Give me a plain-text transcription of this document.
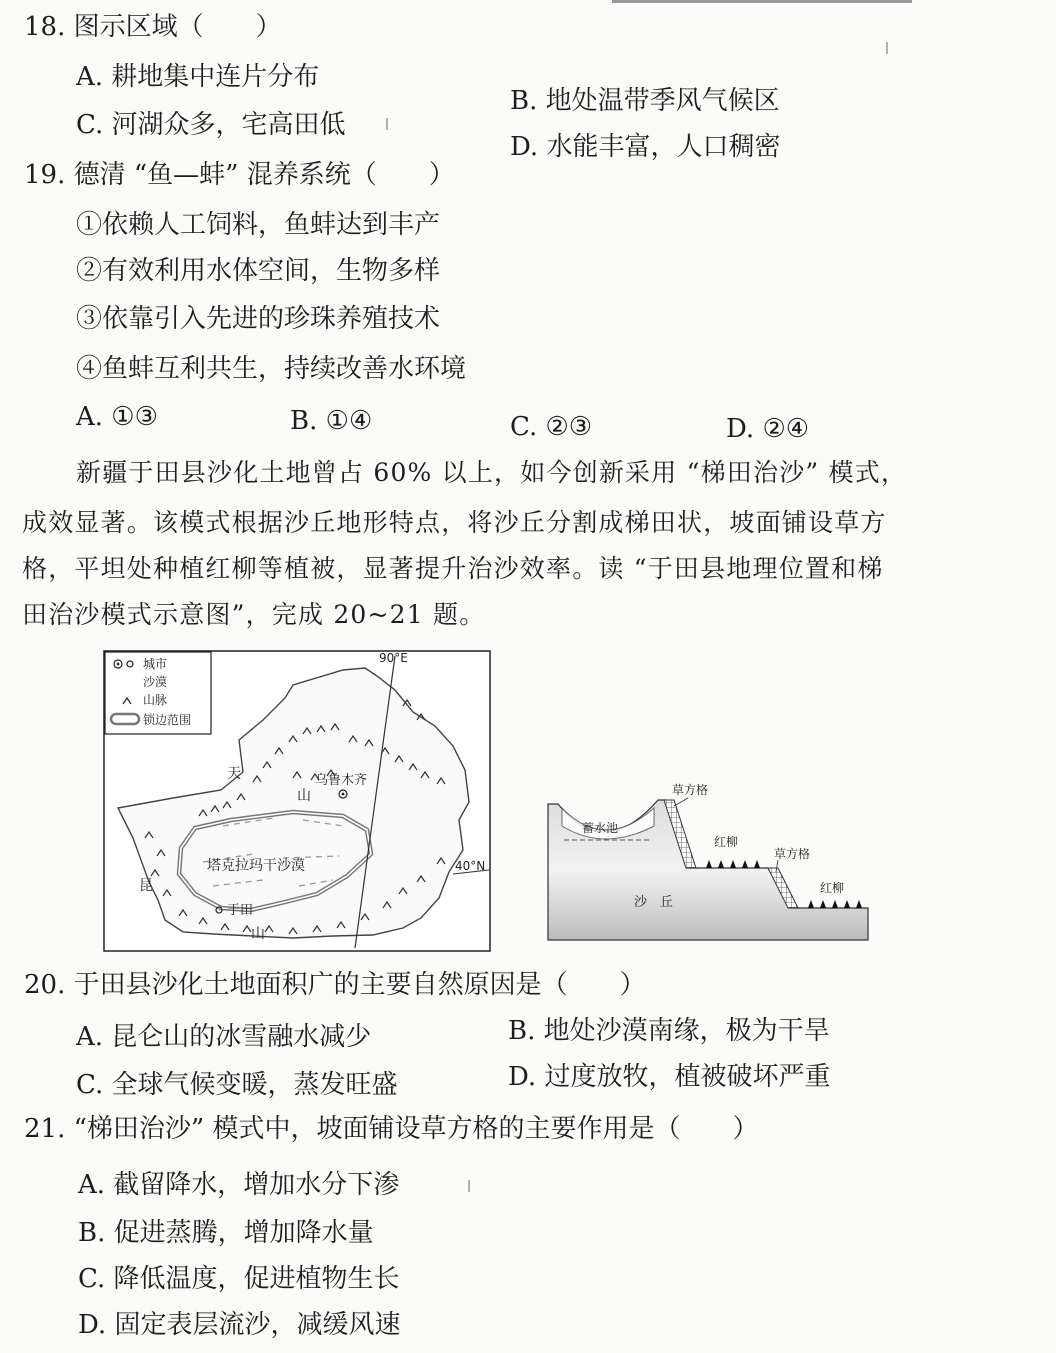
18. 图示区域（　　）
A. 耕地集中连片分布
B. 地处温带季风气候区
C. 河湖众多，宅高田低
D. 水能丰富，人口稠密
19. 德清 “鱼—蚌” 混养系统（　　）
①依赖人工饲料，鱼蚌达到丰产
②有效利用水体空间，生物多样
③依靠引入先进的珍珠养殖技术
④鱼蚌互利共生，持续改善水环境
A. ①③	B. ①④	C. ②③	D. ②④
新疆于田县沙化土地曾占 60% 以上，如今创新采用 “梯田治沙” 模式，
成效显著。该模式根据沙丘地形特点，将沙丘分割成梯田状，坡面铺设草方
格，平坦处种植红柳等植被，显著提升治沙效率。读 “于田县地理位置和梯
田治沙模式示意图”，完成 20~21 题。
城市
沙漠
山脉
锁边范围
90°E
40°N
天
山
乌鲁木齐
塔克拉玛干沙漠
昆
于田
山
草方格
蓄水池
红柳
草方格
沙　丘
红柳
20. 于田县沙化土地面积广的主要自然原因是（　　）
A. 昆仑山的冰雪融水减少	B. 地处沙漠南缘，极为干旱
C. 全球气候变暖，蒸发旺盛	D. 过度放牧，植被破坏严重
21. “梯田治沙” 模式中，坡面铺设草方格的主要作用是（　　）
A. 截留降水，增加水分下渗
B. 促进蒸腾，增加降水量
C. 降低温度，促进植物生长
D. 固定表层流沙，减缓风速
